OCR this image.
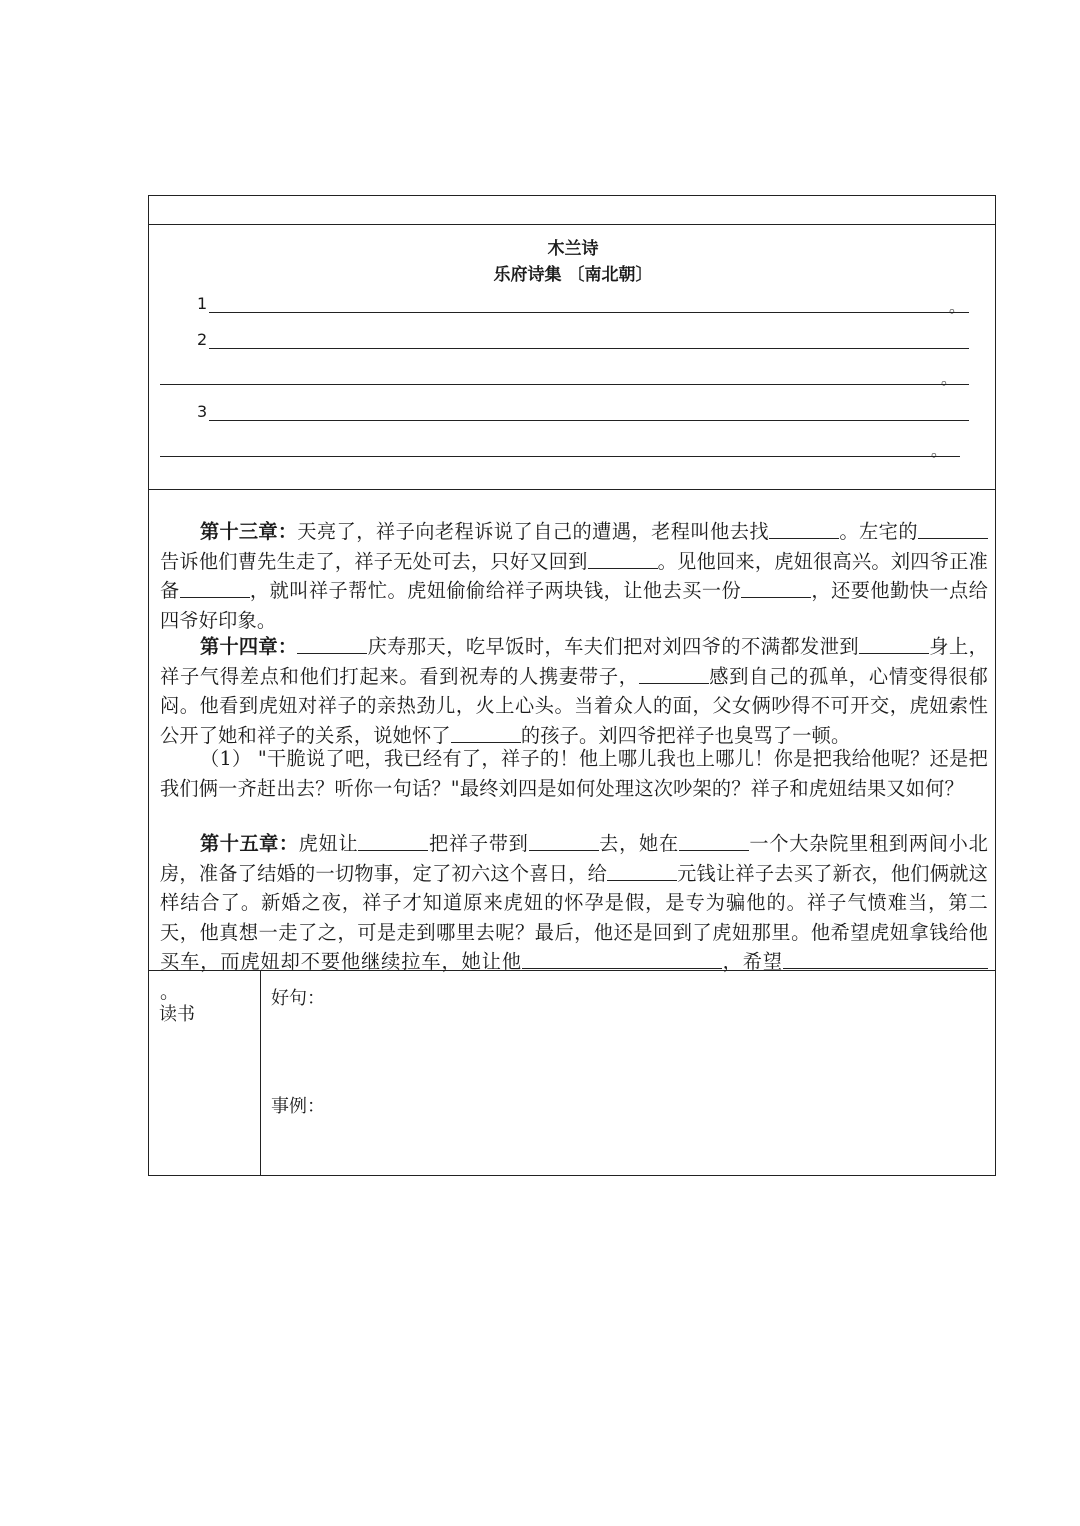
木兰诗
乐府诗集 〔南北朝〕
1	。
2
。
3
。
读书
好句：
事例：
第十三章：天亮了，祥子向老程诉说了自己的遭遇，老程叫他去找	。左宅的告诉他们曹先生走了，祥子无处可去，只好又回到	。见他回来，虎妞很高兴。刘四爷正准备	，就叫祥子帮忙。虎妞偷偷给祥子两块钱，让他去买一份	，还要他勤快一点给四爷好印象。
第十四章：	庆寿那天，吃早饭时，车夫们把对刘四爷的不满都发泄到	身上，祥子气得差点和他们打起来。看到祝寿的人携妻带子，	感到自己的孤单，心情变得很郁闷。他看到虎妞对祥子的亲热劲儿，火上心头。当着众人的面，父女俩吵得不可开交，虎妞索性公开了她和祥子的关系，说她怀了	的孩子。刘四爷把祥子也臭骂了一顿。
（1） "干脆说了吧，我已经有了，祥子的！他上哪儿我也上哪儿！你是把我给他呢？还是把我们俩一齐赶出去？听你一句话？"最终刘四是如何处理这次吵架的？祥子和虎妞结果又如何？
第十五章：虎妞让	把祥子带到	去，她在	一个大杂院里租到两间小北房，准备了结婚的一切物事，定了初六这个喜日，给	元钱让祥子去买了新衣，他们俩就这样结合了。新婚之夜，祥子才知道原来虎妞的怀孕是假，是专为骗他的。祥子气愤难当，第二天，他真想一走了之，可是走到哪里去呢？最后，他还是回到了虎妞那里。他希望虎妞拿钱给他买车，而虎妞却不要他继续拉车，她让他	，希望。
